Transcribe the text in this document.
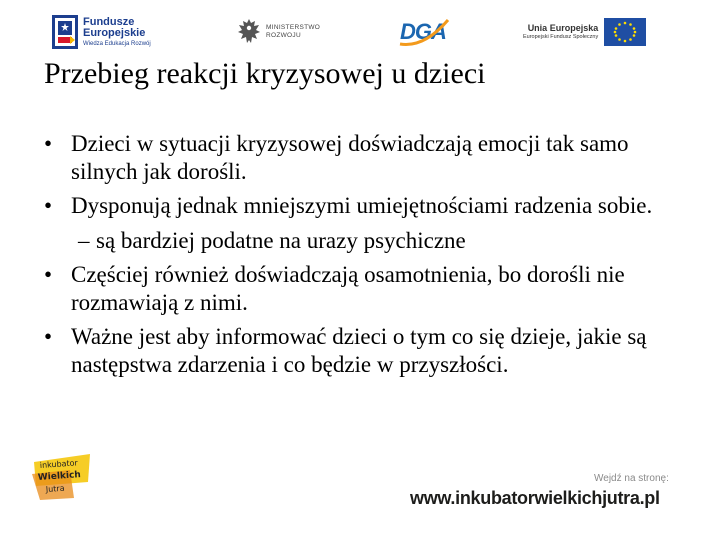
Fundusze
Europejskie
Wiedza Edukacja Rozwój
MINISTERSTWO
ROZWOJU	DGA	Unia Europejska
Europejski Fundusz Społeczny
Przebieg reakcji kryzysowej u dzieci
• Dzieci w sytuacji kryzysowej doświadczają emocji tak samo silnych jak dorośli.
• Dysponują jednak mniejszymi umiejętnościami radzenia sobie.
– są bardziej podatne na urazy psychiczne
• Częściej również doświadczają osamotnienia, bo dorośli nie rozmawiają z nimi.
• Ważne jest aby informować dzieci o tym co się dzieje, jakie są następstwa zdarzenia i co będzie w przyszłości.
inkubator
Wielkich
Jutra
Wejdź na stronę:
www.inkubatorwielkichjutra.pl
